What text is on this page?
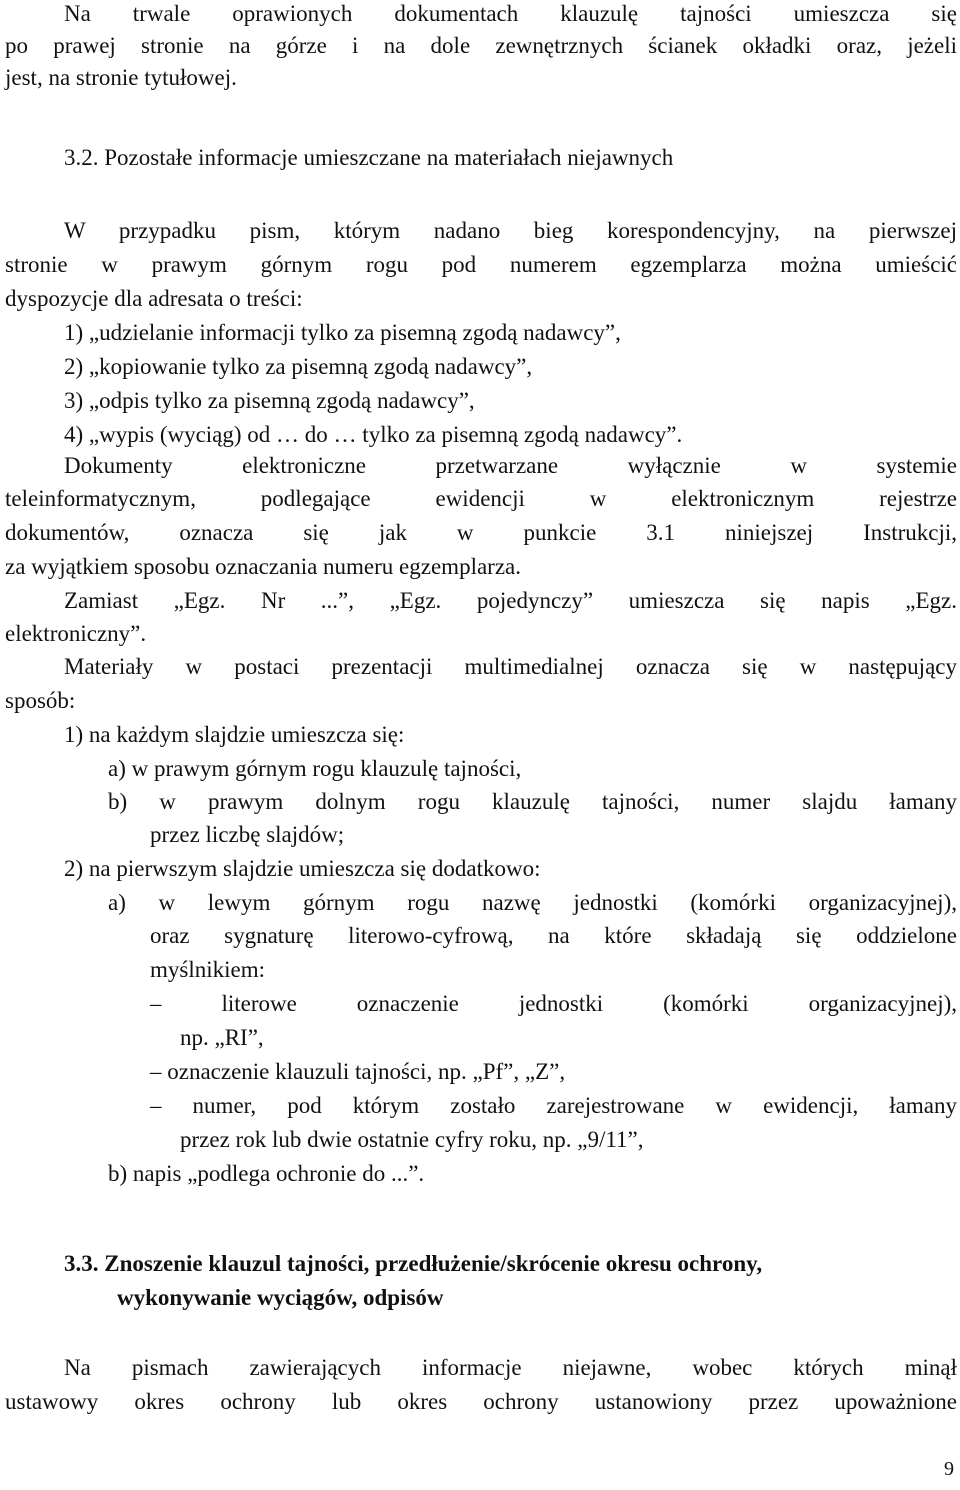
Na trwale oprawionych dokumentach klauzulę tajności umieszcza się
po prawej stronie na górze i na dole zewnętrznych ścianek okładki oraz, jeżeli
jest, na stronie tytułowej.
3.2. Pozostałe informacje umieszczane na materiałach niejawnych
W przypadku pism, którym nadano bieg korespondencyjny, na pierwszej
stronie w prawym górnym rogu pod numerem egzemplarza można umieścić
dyspozycje dla adresata o treści:
1) „udzielanie informacji tylko za pisemną zgodą nadawcy”,
2) „kopiowanie tylko za pisemną zgodą nadawcy”,
3) „odpis tylko za pisemną zgodą nadawcy”,
4) „wypis (wyciąg) od … do … tylko za pisemną zgodą nadawcy”.
Dokumenty elektroniczne przetwarzane wyłącznie w systemie
teleinformatycznym, podlegające ewidencji w elektronicznym rejestrze
dokumentów, oznacza się jak w punkcie 3.1 niniejszej Instrukcji,
za wyjątkiem sposobu oznaczania numeru egzemplarza.
Zamiast „Egz. Nr ...”, „Egz. pojedynczy” umieszcza się napis „Egz.
elektroniczny”.
Materiały w postaci prezentacji multimedialnej oznacza się w następujący
sposób:
1) na każdym slajdzie umieszcza się:
a) w prawym górnym rogu klauzulę tajności,
b) w prawym dolnym rogu klauzulę tajności, numer slajdu łamany
przez liczbę slajdów;
2) na pierwszym slajdzie umieszcza się dodatkowo:
a) w lewym górnym rogu nazwę jednostki (komórki organizacyjnej),
oraz sygnaturę literowo-cyfrową, na które składają się oddzielone
myślnikiem:
– literowe oznaczenie jednostki (komórki organizacyjnej),
np. „RI”,
– oznaczenie klauzuli tajności, np. „Pf”, „Z”,
– numer, pod którym zostało zarejestrowane w ewidencji, łamany
przez rok lub dwie ostatnie cyfry roku, np. „9/11”,
b) napis „podlega ochronie do ...”.
3.3. Znoszenie klauzul tajności, przedłużenie/skrócenie okresu ochrony,
wykonywanie wyciągów, odpisów
Na pismach zawierających informacje niejawne, wobec których minął
ustawowy okres ochrony lub okres ochrony ustanowiony przez upoważnione
9
